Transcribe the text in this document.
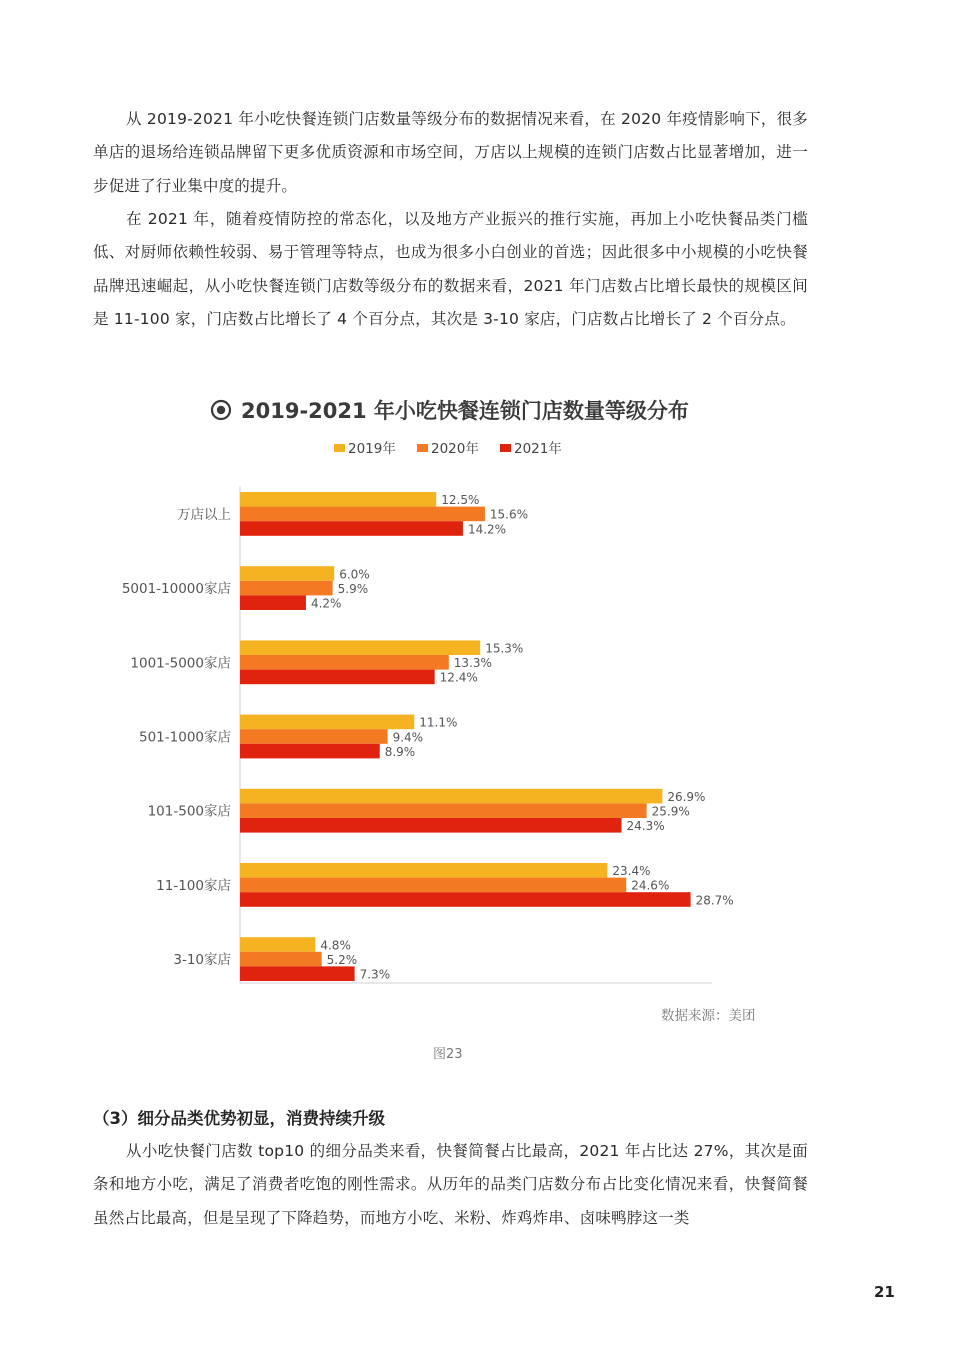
从 2019-2021 年小吃快餐连锁门店数量等级分布的数据情况来看，在 2020 年疫情影响下，很多单店的退场给连锁品牌留下更多优质资源和市场空间，万店以上规模的连锁门店数占比显著增加，进一步促进了行业集中度的提升。

在 2021 年，随着疫情防控的常态化，以及地方产业振兴的推行实施，再加上小吃快餐品类门槛低、对厨师依赖性较弱、易于管理等特点，也成为很多小白创业的首选；因此很多中小规模的小吃快餐品牌迅速崛起，从小吃快餐连锁门店数等级分布的数据来看，2021 年门店数占比增长最快的规模区间是 11-100 家，门店数占比增长了 4 个百分点，其次是 3-10 家店，门店数占比增长了 2 个百分点。

2019-2021 年小吃快餐连锁门店数量等级分布
2019年	2020年	2021年
万店以上
12.5%
15.6%
14.2%
5001-10000家店
6.0%
5.9%
4.2%
1001-5000家店
15.3%
13.3%
12.4%
501-1000家店
11.1%
9.4%
8.9%
101-500家店
26.9%
25.9%
24.3%
11-100家店
23.4%
24.6%
28.7%
3-10家店
4.8%
5.2%
7.3%
数据来源：美团
图23
（3）细分品类优势初显，消费持续升级

从小吃快餐门店数 top10 的细分品类来看，快餐简餐占比最高，2021 年占比达 27%，其次是面条和地方小吃，满足了消费者吃饱的刚性需求。从历年的品类门店数分布占比变化情况来看，快餐简餐虽然占比最高，但是呈现了下降趋势，而地方小吃、米粉、炸鸡炸串、卤味鸭脖这一类

21
